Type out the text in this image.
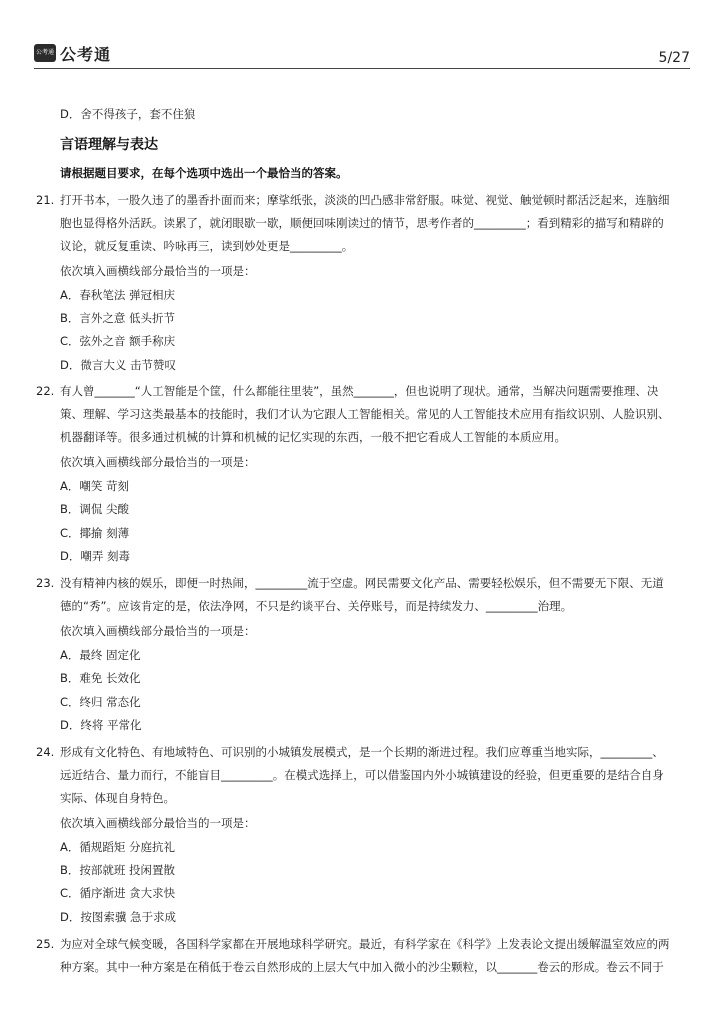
公考通 公考通	5/27
D．舍不得孩子，套不住狼
言语理解与表达
请根据题目要求，在每个选项中选出一个最恰当的答案。
21. 打开书本，一股久违了的墨香扑面而来；摩挲纸张，淡淡的凹凸感非常舒服。味觉、视觉、触觉顿时都活泛起来，连脑细
胞也显得格外活跃。读累了，就闭眼歇一歇，顺便回味刚读过的情节，思考作者的_________；看到精彩的描写和精辟的
议论，就反复重读、吟咏再三，读到妙处更是_________。
依次填入画横线部分最恰当的一项是：
A．春秋笔法 弹冠相庆
B．言外之意 低头折节
C．弦外之音 额手称庆
D．微言大义 击节赞叹
22. 有人曾_______“人工智能是个筐，什么都能往里装”，虽然_______，但也说明了现状。通常，当解决问题需要推理、决
策、理解、学习这类最基本的技能时，我们才认为它跟人工智能相关。常见的人工智能技术应用有指纹识别、人脸识别、
机器翻译等。很多通过机械的计算和机械的记忆实现的东西，一般不把它看成人工智能的本质应用。
依次填入画横线部分最恰当的一项是：
A．嘲笑 苛刻
B．调侃 尖酸
C．揶揄 刻薄
D．嘲弄 刻毒
23. 没有精神内核的娱乐，即便一时热闹，_________流于空虚。网民需要文化产品、需要轻松娱乐，但不需要无下限、无道
德的“秀”。应该肯定的是，依法净网，不只是约谈平台、关停账号，而是持续发力、_________治理。
依次填入画横线部分最恰当的一项是：
A．最终 固定化
B．难免 长效化
C．终归 常态化
D．终将 平常化
24. 形成有文化特色、有地域特色、可识别的小城镇发展模式，是一个长期的渐进过程。我们应尊重当地实际，_________、
远近结合、量力而行，不能盲目_________。在模式选择上，可以借鉴国内外小城镇建设的经验，但更重要的是结合自身
实际、体现自身特色。
依次填入画横线部分最恰当的一项是：
A．循规蹈矩 分庭抗礼
B．按部就班 投闲置散
C．循序渐进 贪大求快
D．按图索骥 急于求成
25. 为应对全球气候变暖，各国科学家都在开展地球科学研究。最近，有科学家在《科学》上发表论文提出缓解温室效应的两
种方案。其中一种方案是在稍低于卷云自然形成的上层大气中加入微小的沙尘颗粒，以_______卷云的形成。卷云不同于
